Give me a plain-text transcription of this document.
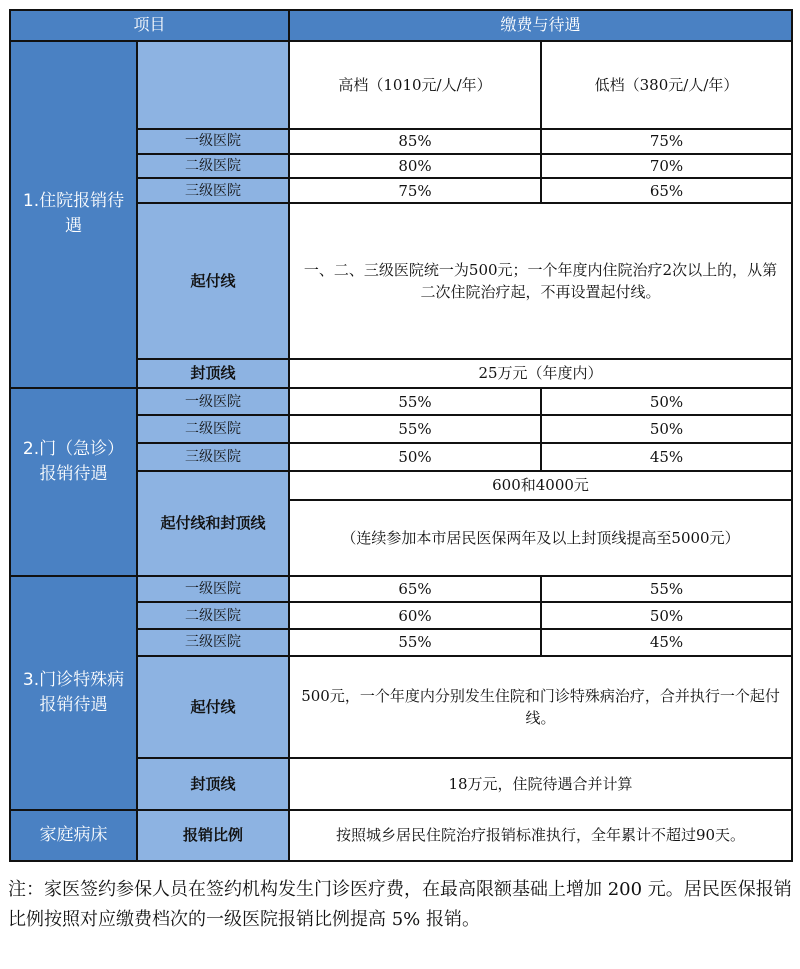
项目		缴费与待遇	
1.住院报销待遇		高档（1010元/人/年）	低档（380元/人/年）
	一级医院	85%	75%
	二级医院	80%	70%
	三级医院	75%	65%
	起付线	一、二、三级医院统一为500元；一个年度内住院治疗2次以上的，从第二次住院治疗起，不再设置起付线。	
	封顶线	25万元（年度内）	
2.门（急诊）报销待遇	一级医院	55%	50%
	二级医院	55%	50%
	三级医院	50%	45%
	起付线和封顶线	600和4000元	
		（连续参加本市居民医保两年及以上封顶线提高至5000元）	
3.门诊特殊病报销待遇	一级医院	65%	55%
	二级医院	60%	50%
	三级医院	55%	45%
	起付线	500元，一个年度内分别发生住院和门诊特殊病治疗，合并执行一个起付线。	
	封顶线	18万元，住院待遇合并计算	
家庭病床	报销比例	按照城乡居民住院治疗报销标准执行，全年累计不超过90天。	
注：家医签约参保人员在签约机构发生门诊医疗费，在最高限额基础上增加 200 元。居民医保报销比例按照对应缴费档次的一级医院报销比例提高 5% 报销。
